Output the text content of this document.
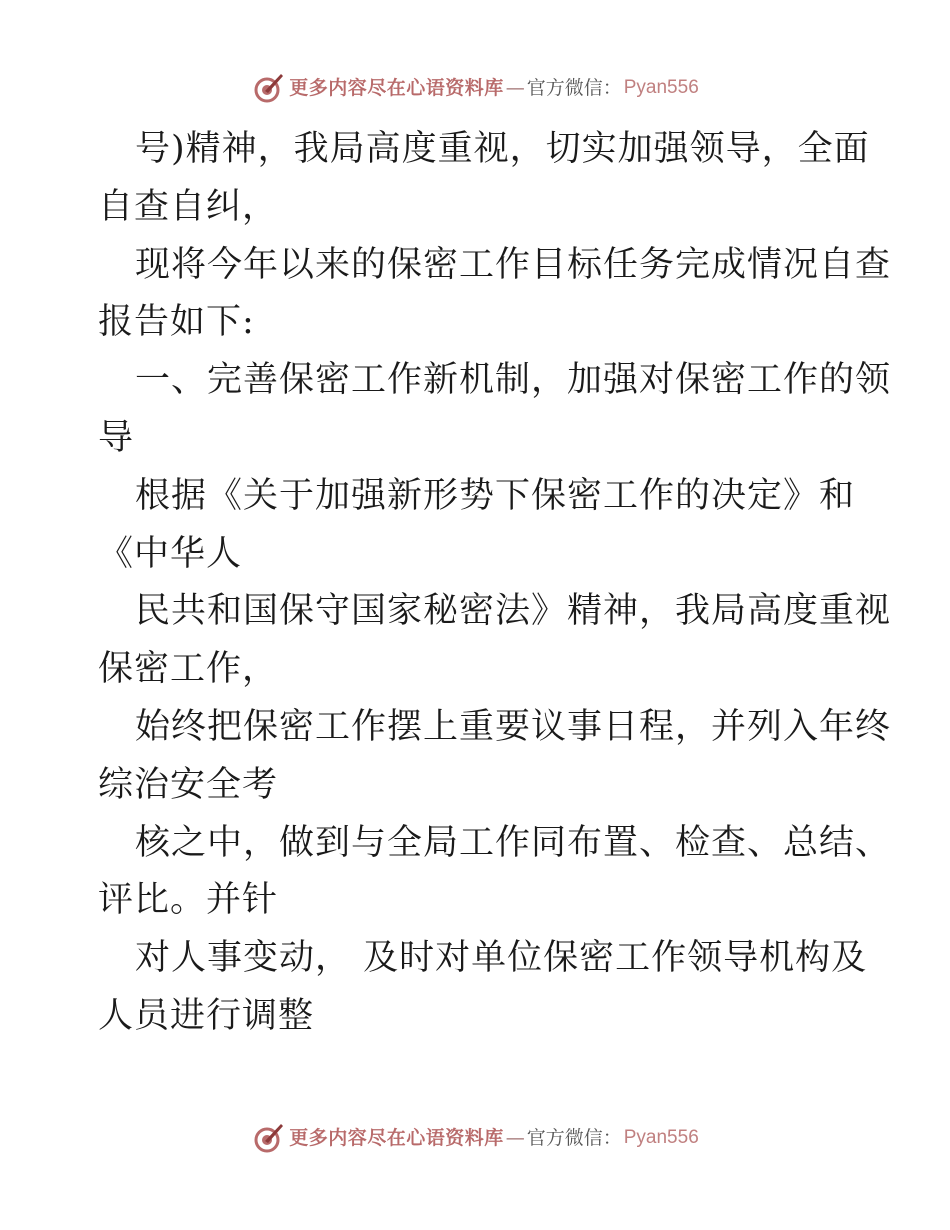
更多内容尽在心语资料库 — 官方微信： Pyan556
号)精神，我局高度重视，切实加强领导，全面
自查自纠，
现将今年以来的保密工作目标任务完成情况自查
报告如下:
一、完善保密工作新机制，加强对保密工作的领
导
根据《关于加强新形势下保密工作的决定》和
《中华人
民共和国保守国家秘密法》精神，我局高度重视
保密工作，
始终把保密工作摆上重要议事日程，并列入年终
综治安全考
核之中，做到与全局工作同布置、检查、总结、
评比。并针
对人事变动， 及时对单位保密工作领导机构及
人员进行调整
更多内容尽在心语资料库 — 官方微信： Pyan556
